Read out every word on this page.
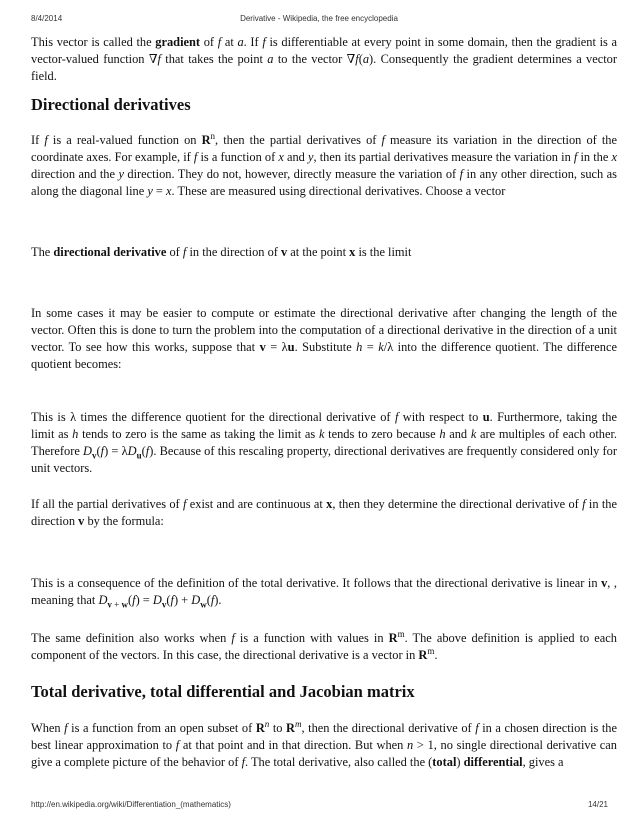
8/4/2014	Derivative - Wikipedia, the free encyclopedia
This vector is called the gradient of f at a. If f is differentiable at every point in some domain, then the gradient is a vector-valued function ∇f that takes the point a to the vector ∇f(a). Consequently the gradient determines a vector field.
Directional derivatives
If f is a real-valued function on $R^n$, then the partial derivatives of f measure its variation in the direction of the coordinate axes. For example, if f is a function of x and y, then its partial derivatives measure the variation in f in the x direction and the y direction. They do not, however, directly measure the variation of f in any other direction, such as along the diagonal line y = x. These are measured using directional derivatives. Choose a vector
The directional derivative of f in the direction of v at the point x is the limit
In some cases it may be easier to compute or estimate the directional derivative after changing the length of the vector. Often this is done to turn the problem into the computation of a directional derivative in the direction of a unit vector. To see how this works, suppose that v = λu. Substitute h = k/λ into the difference quotient. The difference quotient becomes:
This is λ times the difference quotient for the directional derivative of f with respect to u. Furthermore, taking the limit as h tends to zero is the same as taking the limit as k tends to zero because h and k are multiples of each other. Therefore $D_v(f) = \lambda D_u(f)$. Because of this rescaling property, directional derivatives are frequently considered only for unit vectors.
If all the partial derivatives of f exist and are continuous at x, then they determine the directional derivative of f in the direction v by the formula:
This is a consequence of the definition of the total derivative. It follows that the directional derivative is linear in v, , meaning that $D_{v + w}(f) = D_v(f) + D_w(f)$.
The same definition also works when f is a function with values in $R^m$. The above definition is applied to each component of the vectors. In this case, the directional derivative is a vector in $R^m$.
Total derivative, total differential and Jacobian matrix
When f is a function from an open subset of $R^n$ to $R^m$, then the directional derivative of f in a chosen direction is the best linear approximation to f at that point and in that direction. But when n > 1, no single directional derivative can give a complete picture of the behavior of f. The total derivative, also called the (total) differential, gives a
http://en.wikipedia.org/wiki/Differentiation_(mathematics)	14/21
